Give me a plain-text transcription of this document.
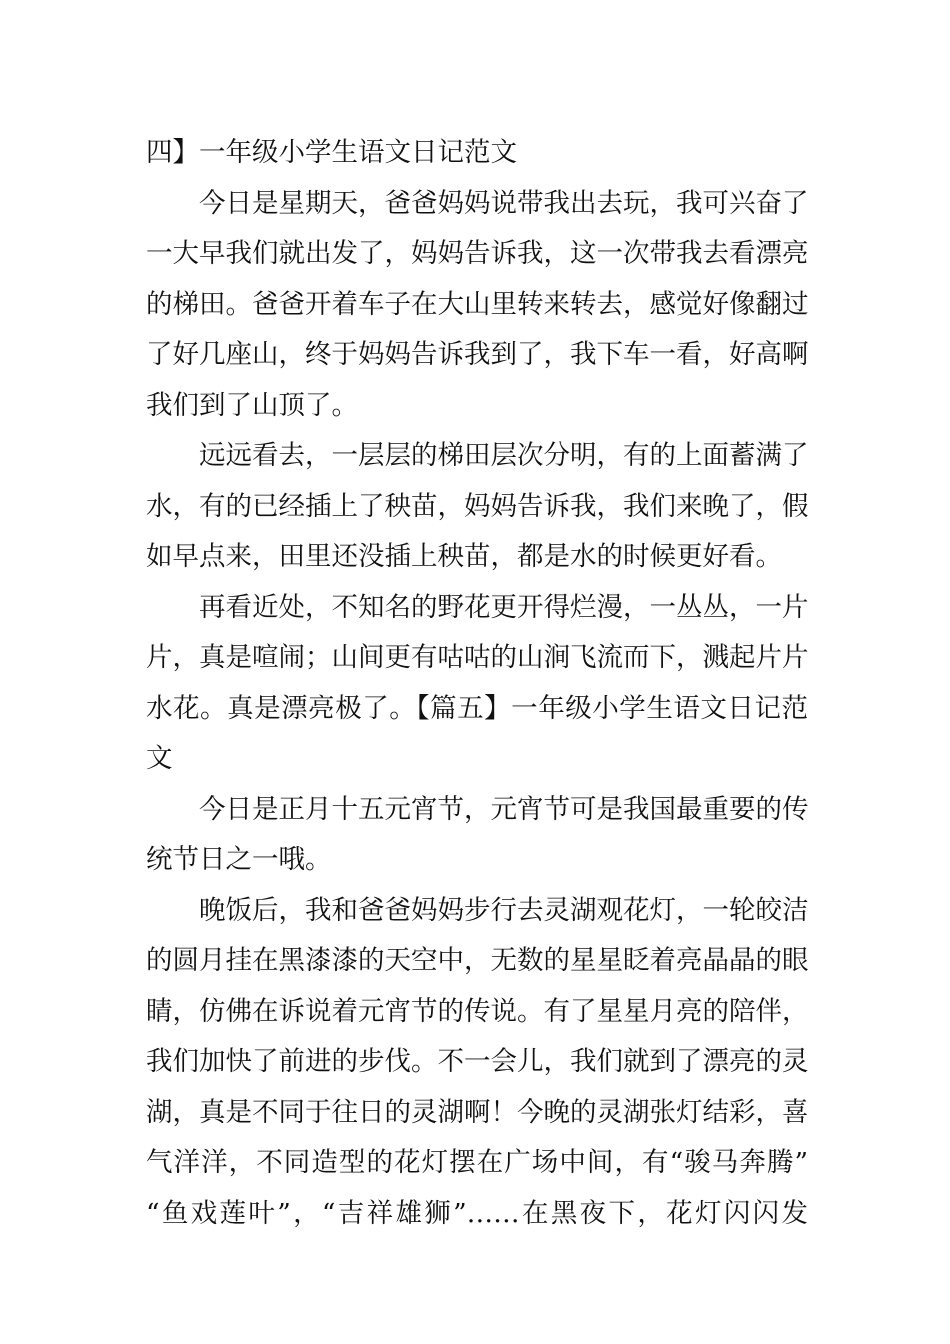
四】一年级小学生语文日记范文
今日是星期天，爸爸妈妈说带我出去玩，我可兴奋了
一大早我们就出发了，妈妈告诉我，这一次带我去看漂亮
的梯田。爸爸开着车子在大山里转来转去，感觉好像翻过
了好几座山，终于妈妈告诉我到了，我下车一看，好高啊
我们到了山顶了。
远远看去，一层层的梯田层次分明，有的上面蓄满了
水，有的已经插上了秧苗，妈妈告诉我，我们来晚了，假
如早点来，田里还没插上秧苗，都是水的时候更好看。
再看近处，不知名的野花更开得烂漫，一丛丛，一片
片，真是喧闹；山间更有咕咕的山涧飞流而下，溅起片片
水花。真是漂亮极了。【篇五】一年级小学生语文日记范
文
今日是正月十五元宵节，元宵节可是我国最重要的传
统节日之一哦。
晚饭后，我和爸爸妈妈步行去灵湖观花灯，一轮皎洁
的圆月挂在黑漆漆的天空中，无数的星星眨着亮晶晶的眼
睛，仿佛在诉说着元宵节的传说。有了星星月亮的陪伴，
我们加快了前进的步伐。不一会儿，我们就到了漂亮的灵
湖，真是不同于往日的灵湖啊！今晚的灵湖张灯结彩，喜
气洋洋，不同造型的花灯摆在广场中间，有“骏马奔腾”
“鱼戏莲叶”，“吉祥雄狮”……在黑夜下，花灯闪闪发
